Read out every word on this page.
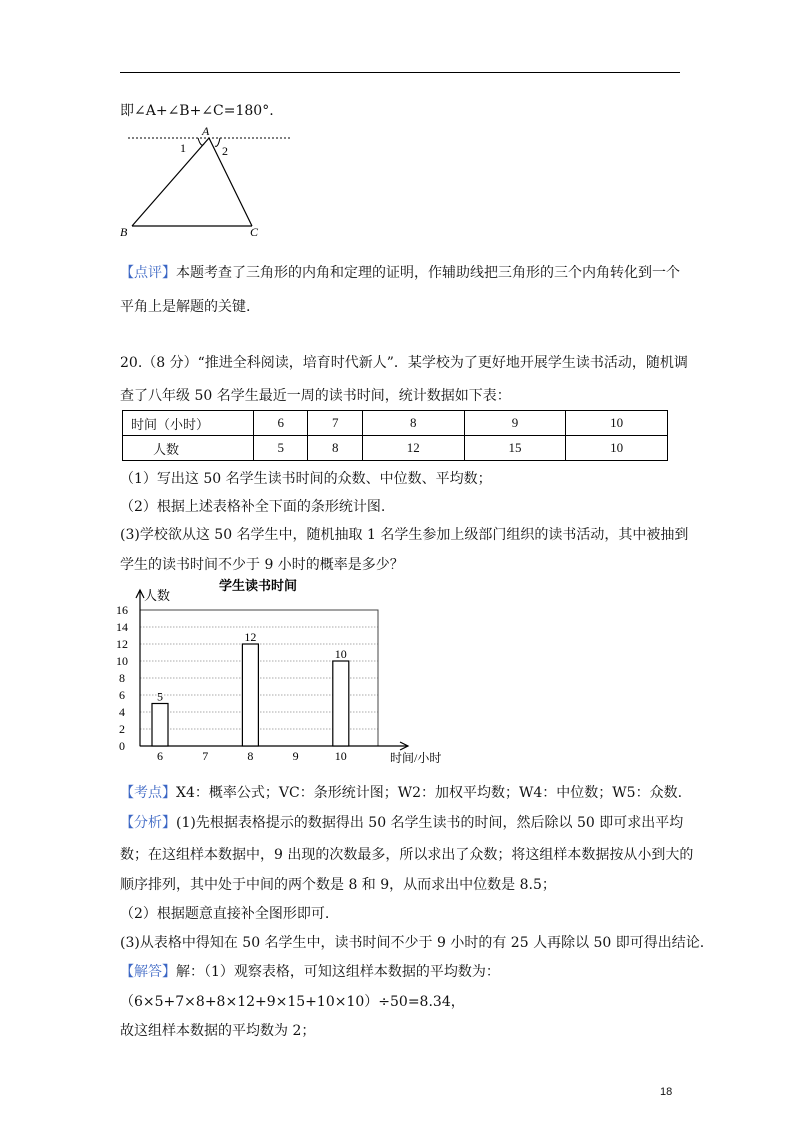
即∠A+∠B+∠C=180°.
A
1	2
B	C
【点评】本题考查了三角形的内角和定理的证明，作辅助线把三角形的三个内角转化到一个
平角上是解题的关键.
20.（8 分）“推进全科阅读，培育时代新人”．某学校为了更好地开展学生读书活动，随机调
查了八年级 50 名学生最近一周的读书时间，统计数据如下表：
时间（小时）	6	7	8	9	10
人数	5	8	12	15	10
（1）写出这 50 名学生读书时间的众数、中位数、平均数；
（2）根据上述表格补全下面的条形统计图.
(3)学校欲从这 50 名学生中，随机抽取 1 名学生参加上级部门组织的读书活动，其中被抽到
学生的读书时间不少于 9 小时的概率是多少？
学生读书时间
人数
时间/小时
0
2
4
6
8
10
12
14
16
6
5
7	8
12
9	10
10
【考点】X4：概率公式；VC：条形统计图；W2：加权平均数；W4：中位数；W5：众数.
【分析】(1)先根据表格提示的数据得出 50 名学生读书的时间，然后除以 50 即可求出平均
数；在这组样本数据中，9 出现的次数最多，所以求出了众数；将这组样本数据按从小到大的
顺序排列，其中处于中间的两个数是 8 和 9，从而求出中位数是 8.5；
（2）根据题意直接补全图形即可.
(3)从表格中得知在 50 名学生中，读书时间不少于 9 小时的有 25 人再除以 50 即可得出结论.
【解答】解：（1）观察表格，可知这组样本数据的平均数为：
（6×5+7×8+8×12+9×15+10×10）÷50=8.34，
故这组样本数据的平均数为 2；
18
